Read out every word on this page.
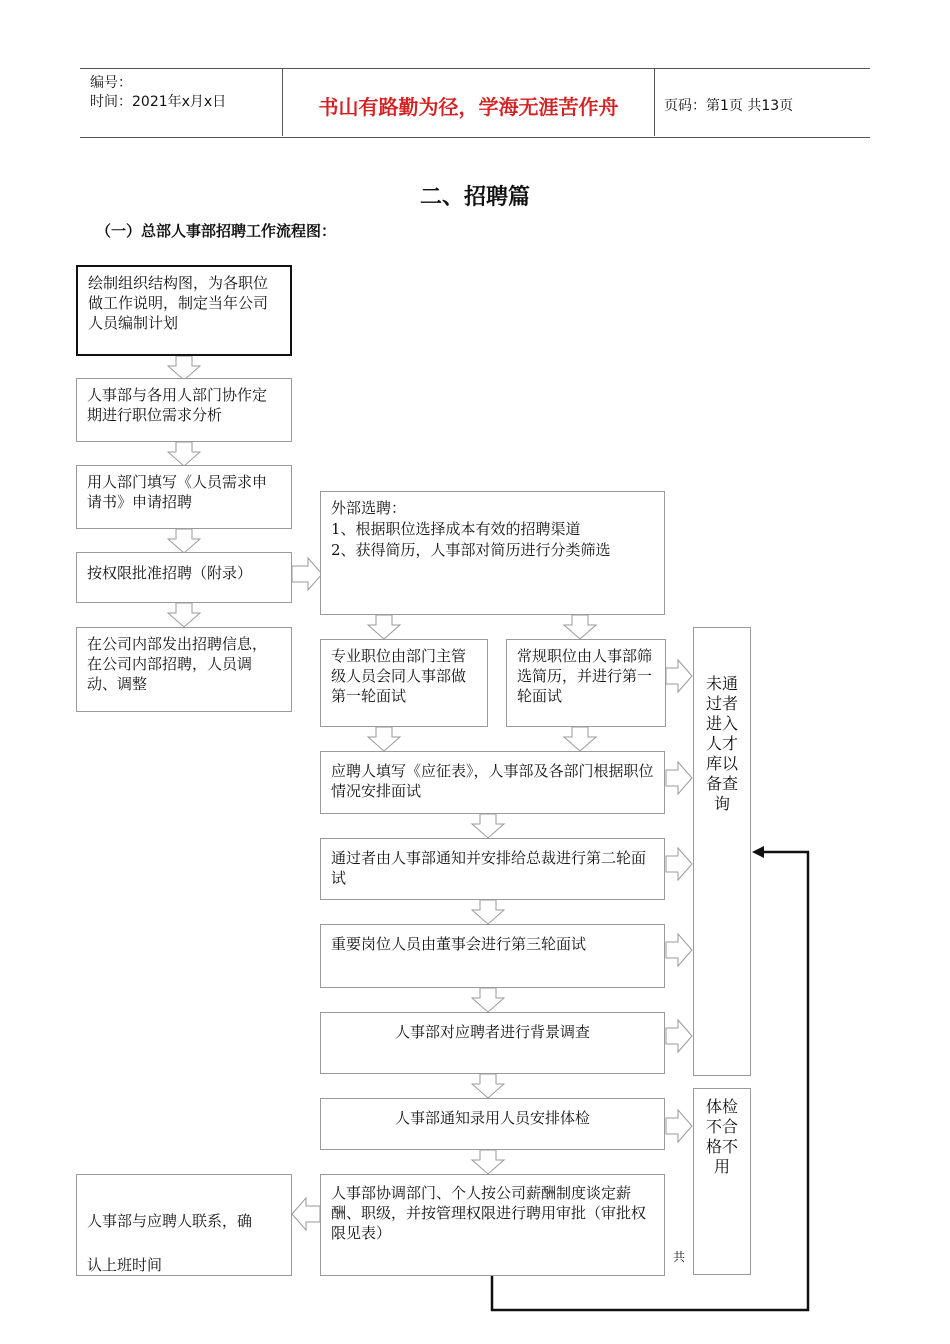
编号：
时间：2021年x月x日	书山有路勤为径，学海无涯苦作舟	页码：第1页 共13页
二、招聘篇
（一）总部人事部招聘工作流程图：
绘制组织结构图，为各职位做工作说明，制定当年公司人员编制计划
人事部与各用人部门协作定期进行职位需求分析
用人部门填写《人员需求申请书》申请招聘
按权限批准招聘（附录）
在公司内部发出招聘信息，在公司内部招聘，人员调动、调整
外部选聘：
1、根据职位选择成本有效的招聘渠道
2、获得简历，人事部对简历进行分类筛选
专业职位由部门主管级人员会同人事部做第一轮面试
常规职位由人事部筛选简历，并进行第一轮面试
应聘人填写《应征表》，人事部及各部门根据职位情况安排面试
通过者由人事部通知并安排给总裁进行第二轮面试
重要岗位人员由董事会进行第三轮面试
人事部对应聘者进行背景调查
人事部通知录用人员安排体检
人事部协调部门、个人按公司薪酬制度谈定薪酬、职级，并按管理权限进行聘用审批（审批权限见表）
人事部与应聘人联系，确
认上班时间
未 通
过 者
进 入
人 才
库 以
备 查
询
体 检
不 合
格 不
用
共
